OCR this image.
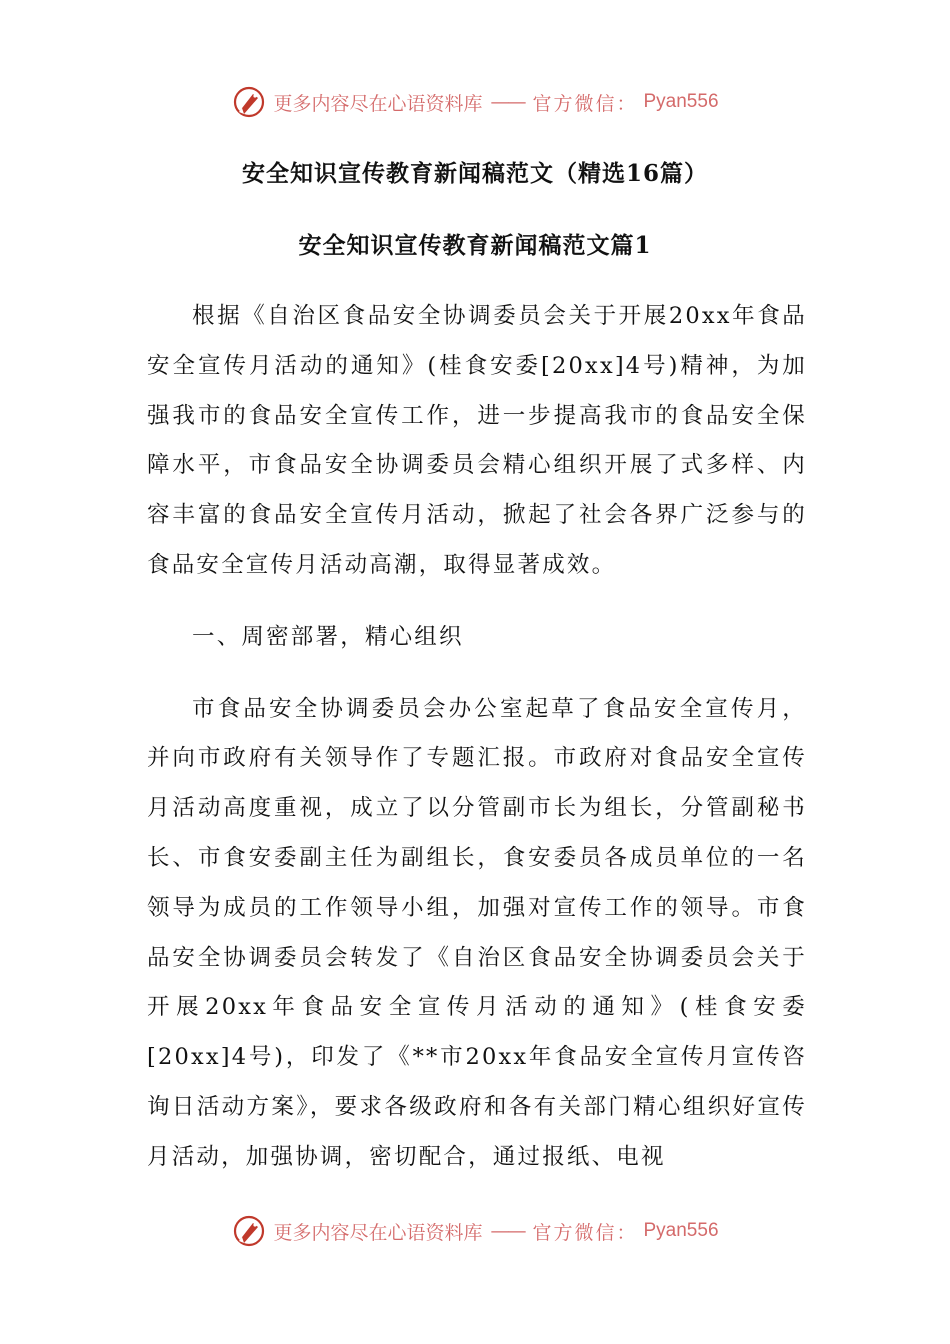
更多内容尽在心语资料库 —— 官方微信： Pyan556
安全知识宣传教育新闻稿范文（精选16篇）
安全知识宣传教育新闻稿范文篇1

根据《自治区食品安全协调委员会关于开展20xx年食品安全宣传月活动的通知》(桂食安委[20xx]4号)精神，为加强我市的食品安全宣传工作，进一步提高我市的食品安全保障水平，市食品安全协调委员会精心组织开展了式多样、内容丰富的食品安全宣传月活动，掀起了社会各界广泛参与的食品安全宣传月活动高潮，取得显著成效。

一、周密部署，精心组织

市食品安全协调委员会办公室起草了食品安全宣传月，并向市政府有关领导作了专题汇报。市政府对食品安全宣传月活动高度重视，成立了以分管副市长为组长，分管副秘书长、市食安委副主任为副组长，食安委员各成员单位的一名领导为成员的工作领导小组，加强对宣传工作的领导。市食品安全协调委员会转发了《自治区食品安全协调委员会关于开展20xx年食品安全宣传月活动的通知》(桂食安委[20xx]4号)，印发了《**市20xx年食品安全宣传月宣传咨询日活动方案》，要求各级政府和各有关部门精心组织好宣传月活动，加强协调，密切配合，通过报纸、电视

更多内容尽在心语资料库 —— 官方微信： Pyan556
